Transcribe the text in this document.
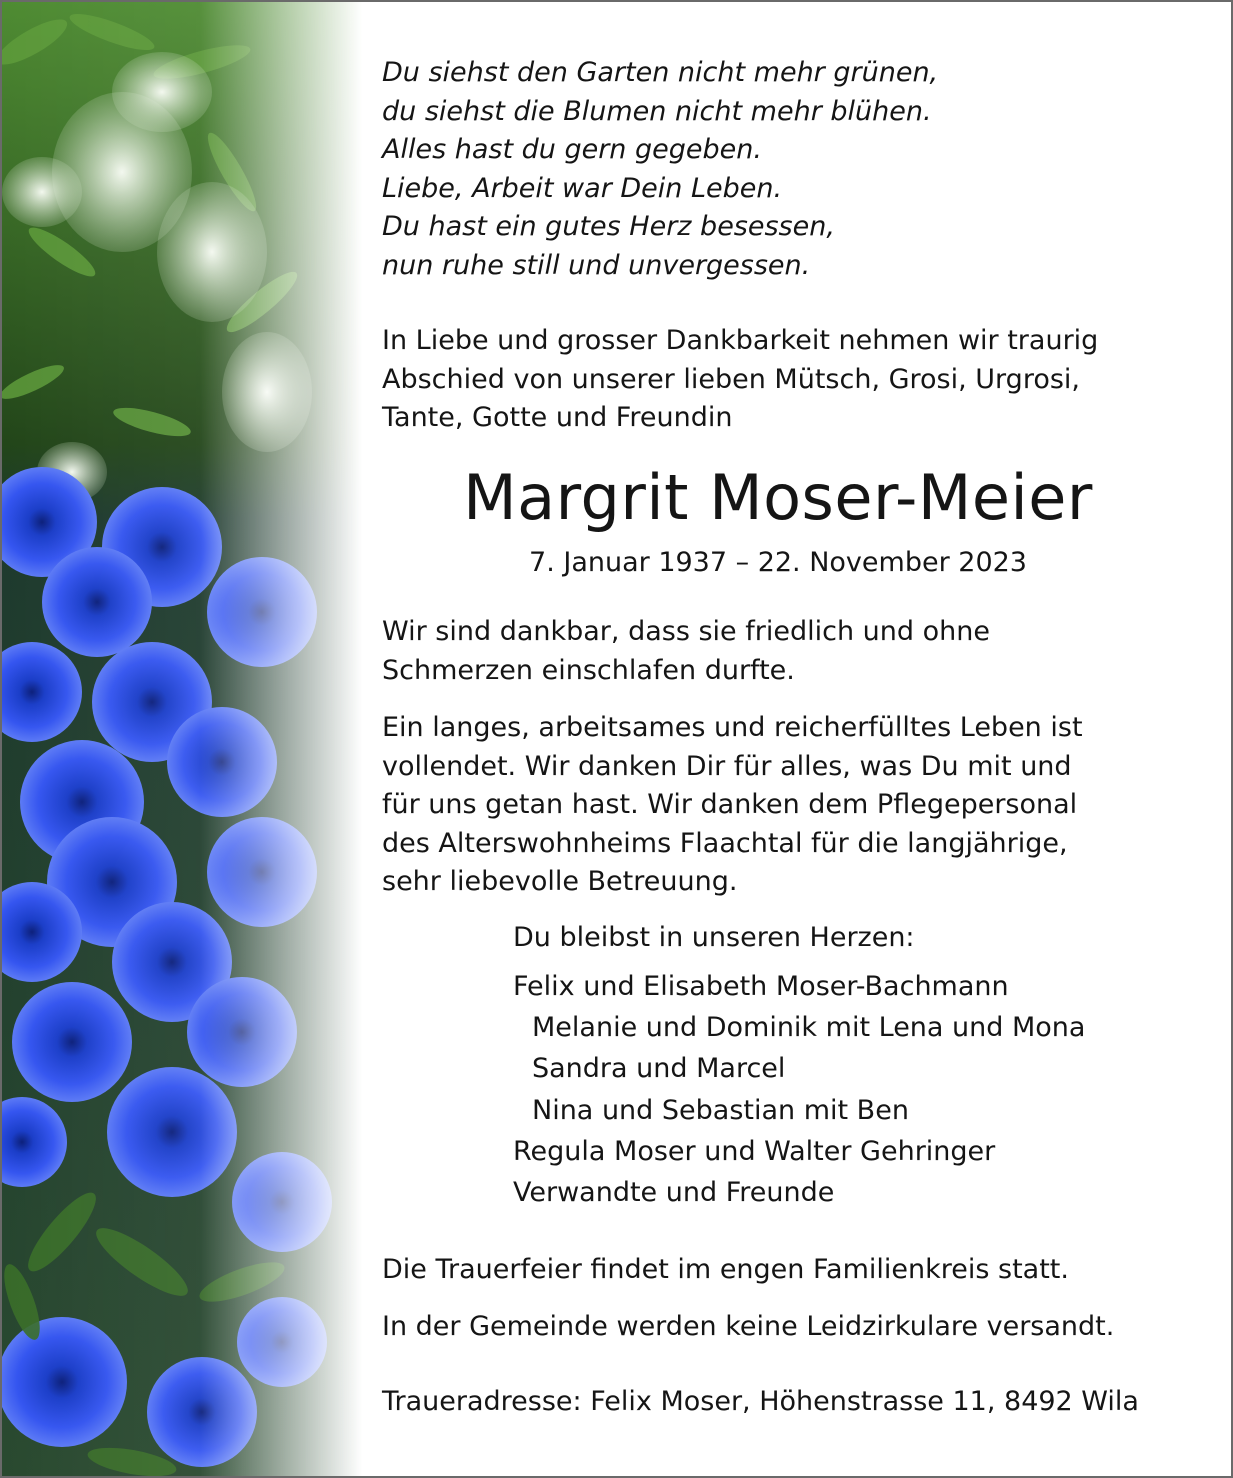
Du siehst den Garten nicht mehr grünen,
du siehst die Blumen nicht mehr blühen.
Alles hast du gern gegeben.
Liebe, Arbeit war Dein Leben.
Du hast ein gutes Herz besessen,
nun ruhe still und unvergessen.
In Liebe und grosser Dankbarkeit nehmen wir traurig
Abschied von unserer lieben Mütsch, Grosi, Urgrosi,
Tante, Gotte und Freundin
Margrit Moser-Meier
7. Januar 1937 – 22. November 2023
Wir sind dankbar, dass sie friedlich und ohne
Schmerzen einschlafen durfte.
Ein langes, arbeitsames und reicherfülltes Leben ist
vollendet. Wir danken Dir für alles, was Du mit und
für uns getan hast. Wir danken dem Pflegepersonal
des Alterswohnheims Flaachtal für die langjährige,
sehr liebevolle Betreuung.
Du bleibst in unseren Herzen:
Felix und Elisabeth Moser-Bachmann
Melanie und Dominik mit Lena und Mona
Sandra und Marcel
Nina und Sebastian mit Ben
Regula Moser und Walter Gehringer
Verwandte und Freunde
Die Trauerfeier findet im engen Familienkreis statt.
In der Gemeinde werden keine Leidzirkulare versandt.
Traueradresse: Felix Moser, Höhenstrasse 11, 8492 Wila
